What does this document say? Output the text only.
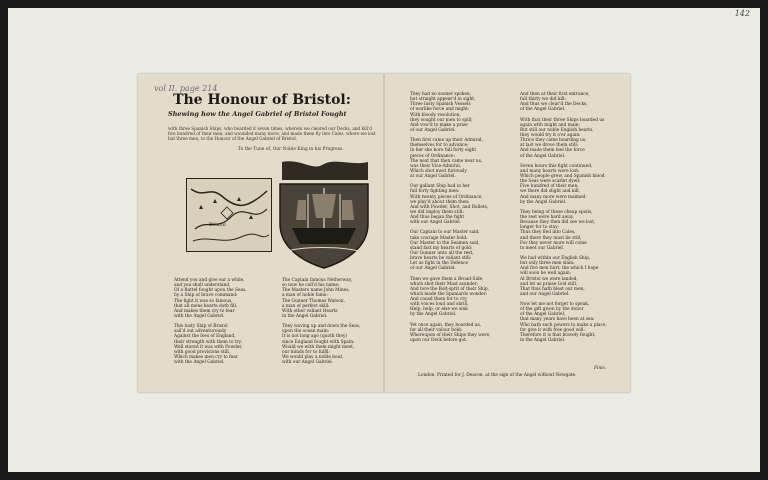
142
vol II. page 214
The Honour of Bristol:
Shewing how the Angel Gabriel of Bristol Fought
with three Spanish Ships, who boarded it seven times, wherein we cleared our Decks, and kill'd five hundred of their men, and wounded many more, and made them fly into Cales, where we lost but three men, to the Honour of the Angel Gabriel of Bristol.
To the Tune of, Our Noble King in his Progress.
Bristol
Attend you and give ear a while,
and you shall understand,
Of a Battel fought upon the Seas,
by a Ship of brave command:
The fight it was so famous,
that all mens hearts doth fill,
And makes them cry to fear
with the Angel Gabriel.
This lusty Ship of Bristol
sail'd out adventurously
Against the foes of England,
their strength with them to try:
Well stored it was with Powder,
with good provisions still,
Which makes men cry to fear
with the Angel Gabriel.
The Captain famous Netherway,
so now he call'd his name:
The Masters name John Mines,
a man of noble fame:
The Gunner Thomas Watson,
a man of perfect skill:
With other valiant Hearts
in the Angel Gabriel.
They waving up and down the Seas,
upon the ocean main:
It is not long ago (quoth they)
since England fought with Spain:
Would we with them might meet,
our minds for to fulfil:
We would play a noble bout,
with our Angel Gabriel.
They had no sooner spoken,
but straight appear'd in sight,
Three lusty Spanish Vessels
of warlike force and might:
With bloody resolution,
they sought our men to spill;
And vow'd to make a prize
of our Angel Gabriel.
Then first came up their Admiral,
themselves for to advance;
In her she bore full forty eight
pieces of Ordinance:
The next that then came near us,
was their Vice-Admiral,
Which shot most furiously
at our Angel Gabriel.
Our gallant Ship had in her
full forty fighting men:
With twenty pieces of Ordinance,
we play'd about them then:
And with Powder, Shot, and Bullets,
we did imploy them still:
And thus began the fight
with our Angel Gabriel.
Our Captain to our Master said,
take courage Master bold:
Our Master to the Seamen said,
stand fast my hearts of gold:
Our Gunner unto all the rest,
brave hearts be valiant still:
Let us fight in the Defence
of our Angel Gabriel.
Then we gave them a Broad-Side,
which shot their Mast asunder;
And tore the Bolt-sprit of their Ship,
which made the Spaniards wonder:
And causd them for to cry,
with voices loud and shrill,
Help, help, or else we sink
by the Angel Gabriel.
Yet once again, they boarded us,
for all their valour bold:
Whereupon of their Ships they were,
upon our Deck before got.
And then at their first entrance,
full thirty we did kill:
And thus we clear'd the Decks,
of the Angel Gabriel.
With that their three Ships boarded us
again with might and main;
But still our noble English hearts,
they would try it o'er again:
Thrice they came boarding us,
at last we drove them still:
And made them feel the force
of the Angel Gabriel.
Seven hours this fight continued,
and many hearts were lost:
Which people grew, and Spanish blood
the Seas were scarlet dyed:
Five hundred of their men,
we there did slight and kill,
And many more were maimed
by the Angel Gabriel.
They being of these cheap spoils,
the rest were hard away,
Because they then did see we lost,
longer for to stay:
Thus they fled into Cales,
and there they must lie still,
For they never more will come
to meet our Gabriel.
We had within our English Ship,
but only three men slain:
And five men hurt, the which I hope
will soon be well again:
At Bristol we were landed,
and let us praise God still,
That thus hath blest our men,
and our Angel Gabriel.
Now let me not forget to speak,
of the gift given by the donor
of the Angel Gabriel,
that many years have been at sea:
Who hath such powers to make a place,
for give it with free good will:
Therefore it is that bravely fought,
in the Angel Gabriel.
Finis.
London, Printed for J. Deacon, at the sign of the Angel without Newgate.
